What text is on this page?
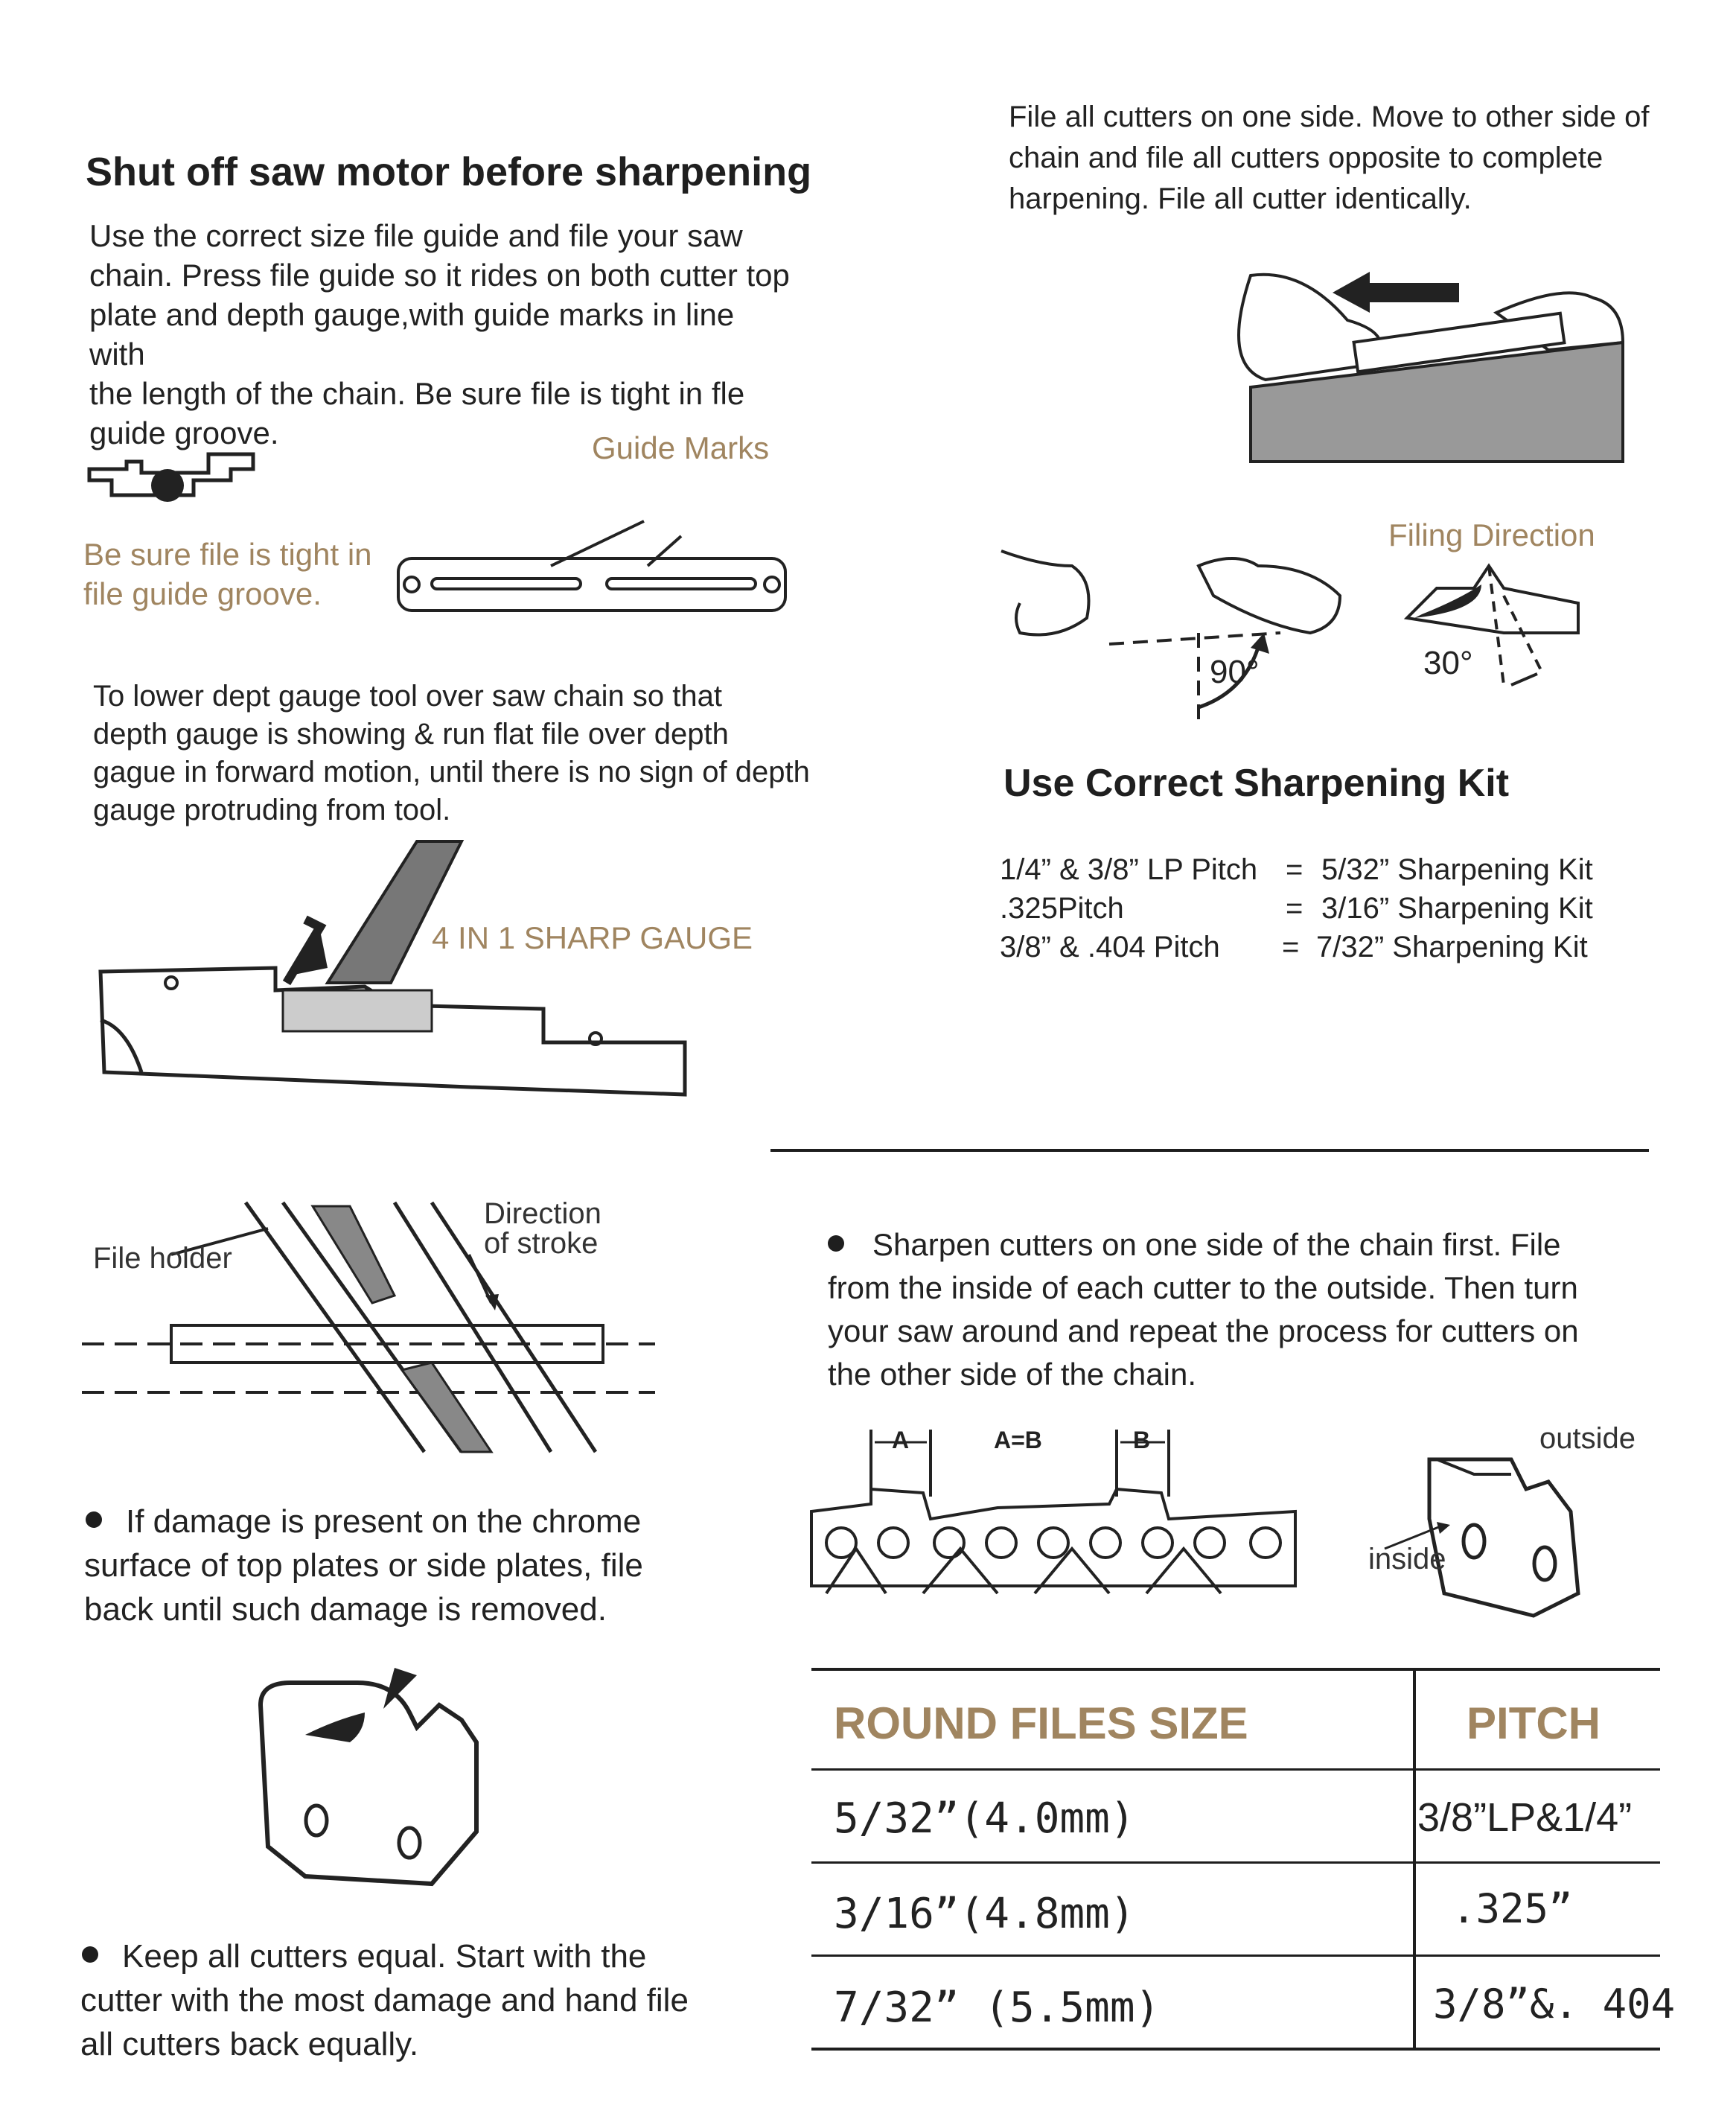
Shut off saw motor before sharpening
Use the correct size file guide and file your saw
chain. Press file guide so it rides on both cutter top
plate and depth gauge,with guide marks in line with
the length of the chain. Be sure file is tight in fle
guide groove.	Guide Marks
Be sure file is tight in
file guide groove.
To lower dept gauge tool over saw chain so that
depth gauge is showing & run flat file over depth
gague in forward motion, until there is no sign of depth
gauge protruding from tool.
4 IN 1 SHARP GAUGE
File holder
Direction
of stroke
If damage is present on the chrome
surface of top plates or side plates, file
back until such damage is removed.
Keep all cutters equal. Start with the
cutter with the most damage and hand file
all cutters back equally.
File all cutters on one side. Move to other side of
chain and file all cutters opposite to complete
harpening. File all cutter identically.
Filing Direction
90°	30°
Use Correct Sharpening Kit
1/4” & 3/8” LP Pitch = 5/32” Sharpening Kit
.325Pitch	= 3/16” Sharpening Kit
3/8” & .404 Pitch = 7/32” Sharpening Kit
Sharpen cutters on one side of the chain first. File
from the inside of each cutter to the outside. Then turn
your saw around and repeat the process for cutters on
the other side of the chain.
A	A=B	B	outside
inside
ROUND FILES SIZE	PITCH
5/32”(4.0mm)	3/8”LP&1/4”
3/16”(4.8mm)	.325”
7/32” (5.5mm)	3/8”&. 404
